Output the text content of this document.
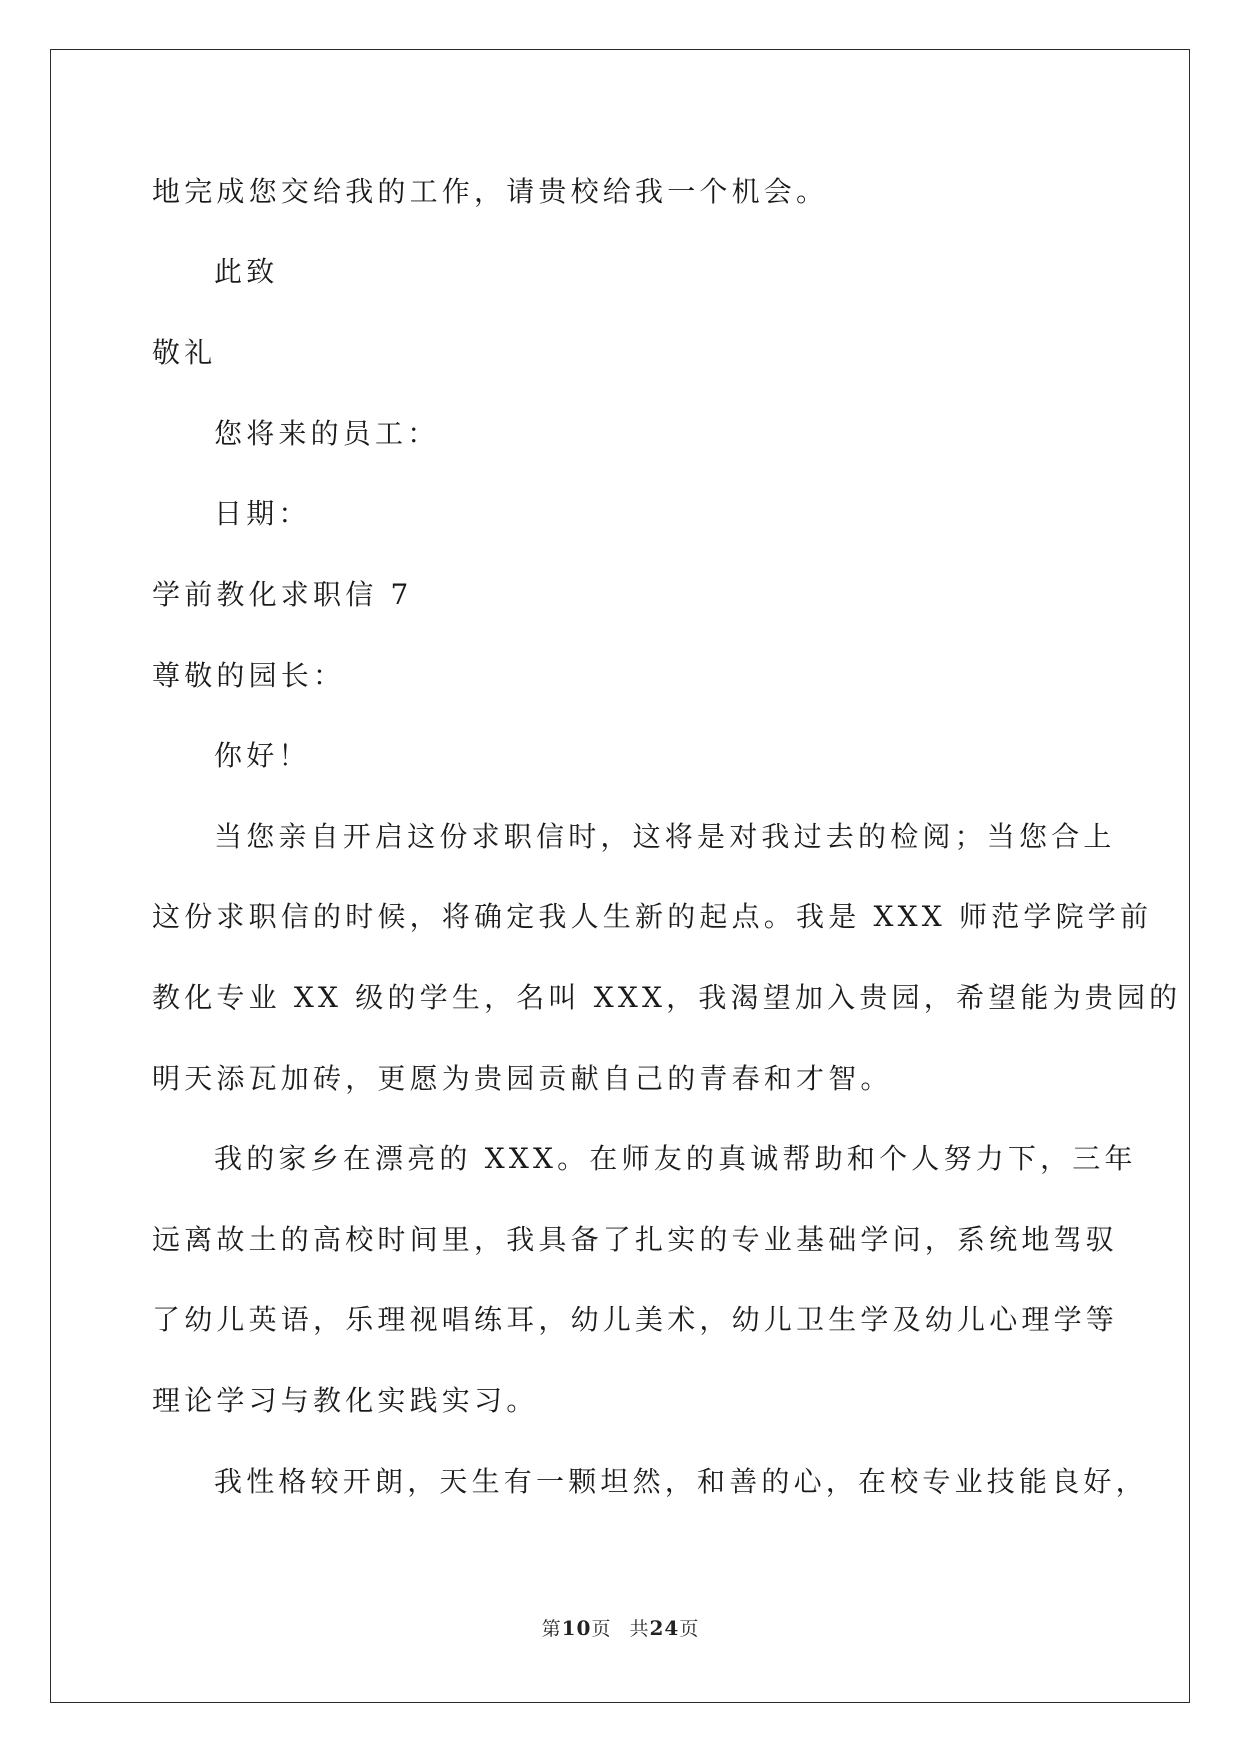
地完成您交给我的工作，请贵校给我一个机会。
此致
敬礼
您将来的员工：
日期：
学前教化求职信 7
尊敬的园长：
你好！
当您亲自开启这份求职信时，这将是对我过去的检阅；当您合上
这份求职信的时候，将确定我人生新的起点。我是 XXX 师范学院学前
教化专业 XX 级的学生，名叫 XXX，我渴望加入贵园，希望能为贵园的
明天添瓦加砖，更愿为贵园贡献自己的青春和才智。
我的家乡在漂亮的 XXX。在师友的真诚帮助和个人努力下，三年
远离故土的高校时间里，我具备了扎实的专业基础学问，系统地驾驭
了幼儿英语，乐理视唱练耳，幼儿美术，幼儿卫生学及幼儿心理学等
理论学习与教化实践实习。
我性格较开朗，天生有一颗坦然，和善的心，在校专业技能良好，
第10页 共24页
